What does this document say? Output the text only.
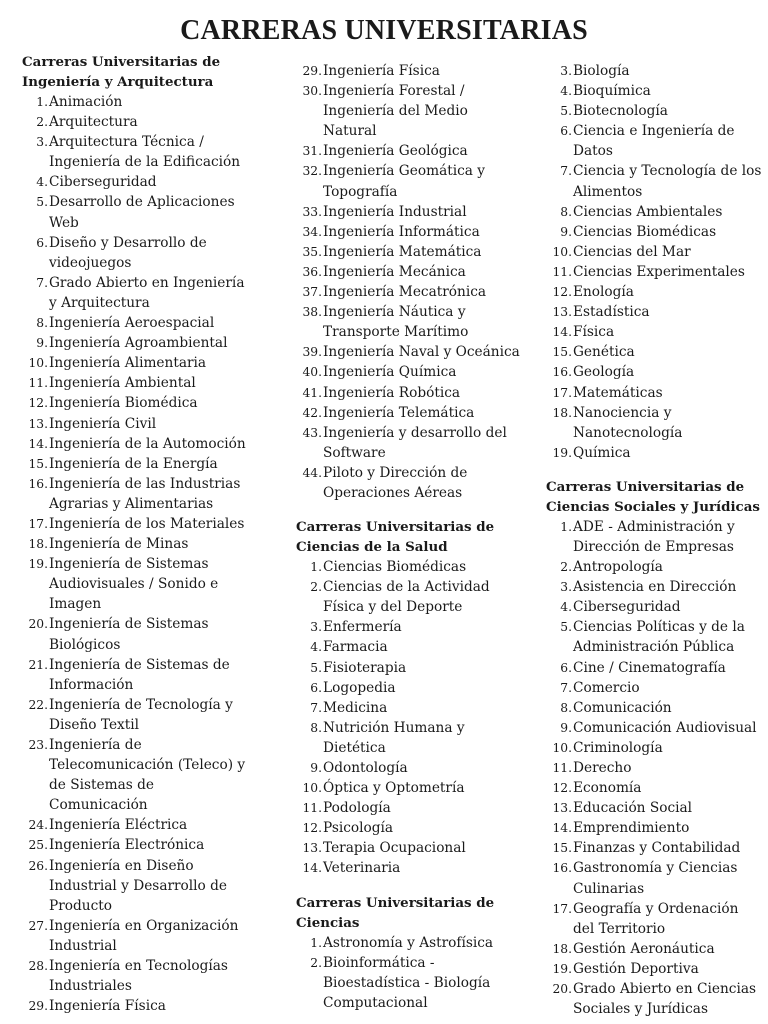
CARRERAS UNIVERSITARIAS
Carreras Universitarias de Ingeniería y Arquitectura
1. Animación
2. Arquitectura
3. Arquitectura Técnica / Ingeniería de la Edificación
4. Ciberseguridad
5. Desarrollo de Aplicaciones Web
6. Diseño y Desarrollo de videojuegos
7. Grado Abierto en Ingeniería y Arquitectura
8. Ingeniería Aeroespacial
9. Ingeniería Agroambiental
10. Ingeniería Alimentaria
11. Ingeniería Ambiental
12. Ingeniería Biomédica
13. Ingeniería Civil
14. Ingeniería de la Automoción
15. Ingeniería de la Energía
16. Ingeniería de las Industrias Agrarias y Alimentarias
17. Ingeniería de los Materiales
18. Ingeniería de Minas
19. Ingeniería de Sistemas Audiovisuales / Sonido e Imagen
20. Ingeniería de Sistemas Biológicos
21. Ingeniería de Sistemas de Información
22. Ingeniería de Tecnología y Diseño Textil
23. Ingeniería de Telecomunicación (Teleco) y de Sistemas de Comunicación
24. Ingeniería Eléctrica
25. Ingeniería Electrónica
26. Ingeniería en Diseño Industrial y Desarrollo de Producto
27. Ingeniería en Organización Industrial
28. Ingeniería en Tecnologías Industriales
29. Ingeniería Física
29. Ingeniería Física
30. Ingeniería Forestal / Ingeniería del Medio Natural
31. Ingeniería Geológica
32. Ingeniería Geomática y Topografía
33. Ingeniería Industrial
34. Ingeniería Informática
35. Ingeniería Matemática
36. Ingeniería Mecánica
37. Ingeniería Mecatrónica
38. Ingeniería Náutica y Transporte Marítimo
39. Ingeniería Naval y Oceánica
40. Ingeniería Química
41. Ingeniería Robótica
42. Ingeniería Telemática
43. Ingeniería y desarrollo del Software
44. Piloto y Dirección de Operaciones Aéreas
Carreras Universitarias de Ciencias de la Salud
1. Ciencias Biomédicas
2. Ciencias de la Actividad Física y del Deporte
3. Enfermería
4. Farmacia
5. Fisioterapia
6. Logopedia
7. Medicina
8. Nutrición Humana y Dietética
9. Odontología
10. Óptica y Optometría
11. Podología
12. Psicología
13. Terapia Ocupacional
14. Veterinaria
Carreras Universitarias de Ciencias
1. Astronomía y Astrofísica
2. Bioinformática - Bioestadística - Biología Computacional
3. Biología
4. Bioquímica
5. Biotecnología
6. Ciencia e Ingeniería de Datos
7. Ciencia y Tecnología de los Alimentos
8. Ciencias Ambientales
9. Ciencias Biomédicas
10. Ciencias del Mar
11. Ciencias Experimentales
12. Enología
13. Estadística
14. Física
15. Genética
16. Geología
17. Matemáticas
18. Nanociencia y Nanotecnología
19. Química
Carreras Universitarias de Ciencias Sociales y Jurídicas
1. ADE - Administración y Dirección de Empresas
2. Antropología
3. Asistencia en Dirección
4. Ciberseguridad
5. Ciencias Políticas y de la Administración Pública
6. Cine / Cinematografía
7. Comercio
8. Comunicación
9. Comunicación Audiovisual
10. Criminología
11. Derecho
12. Economía
13. Educación Social
14. Emprendimiento
15. Finanzas y Contabilidad
16. Gastronomía y Ciencias Culinarias
17. Geografía y Ordenación del Territorio
18. Gestión Aeronáutica
19. Gestión Deportiva
20. Grado Abierto en Ciencias Sociales y Jurídicas
